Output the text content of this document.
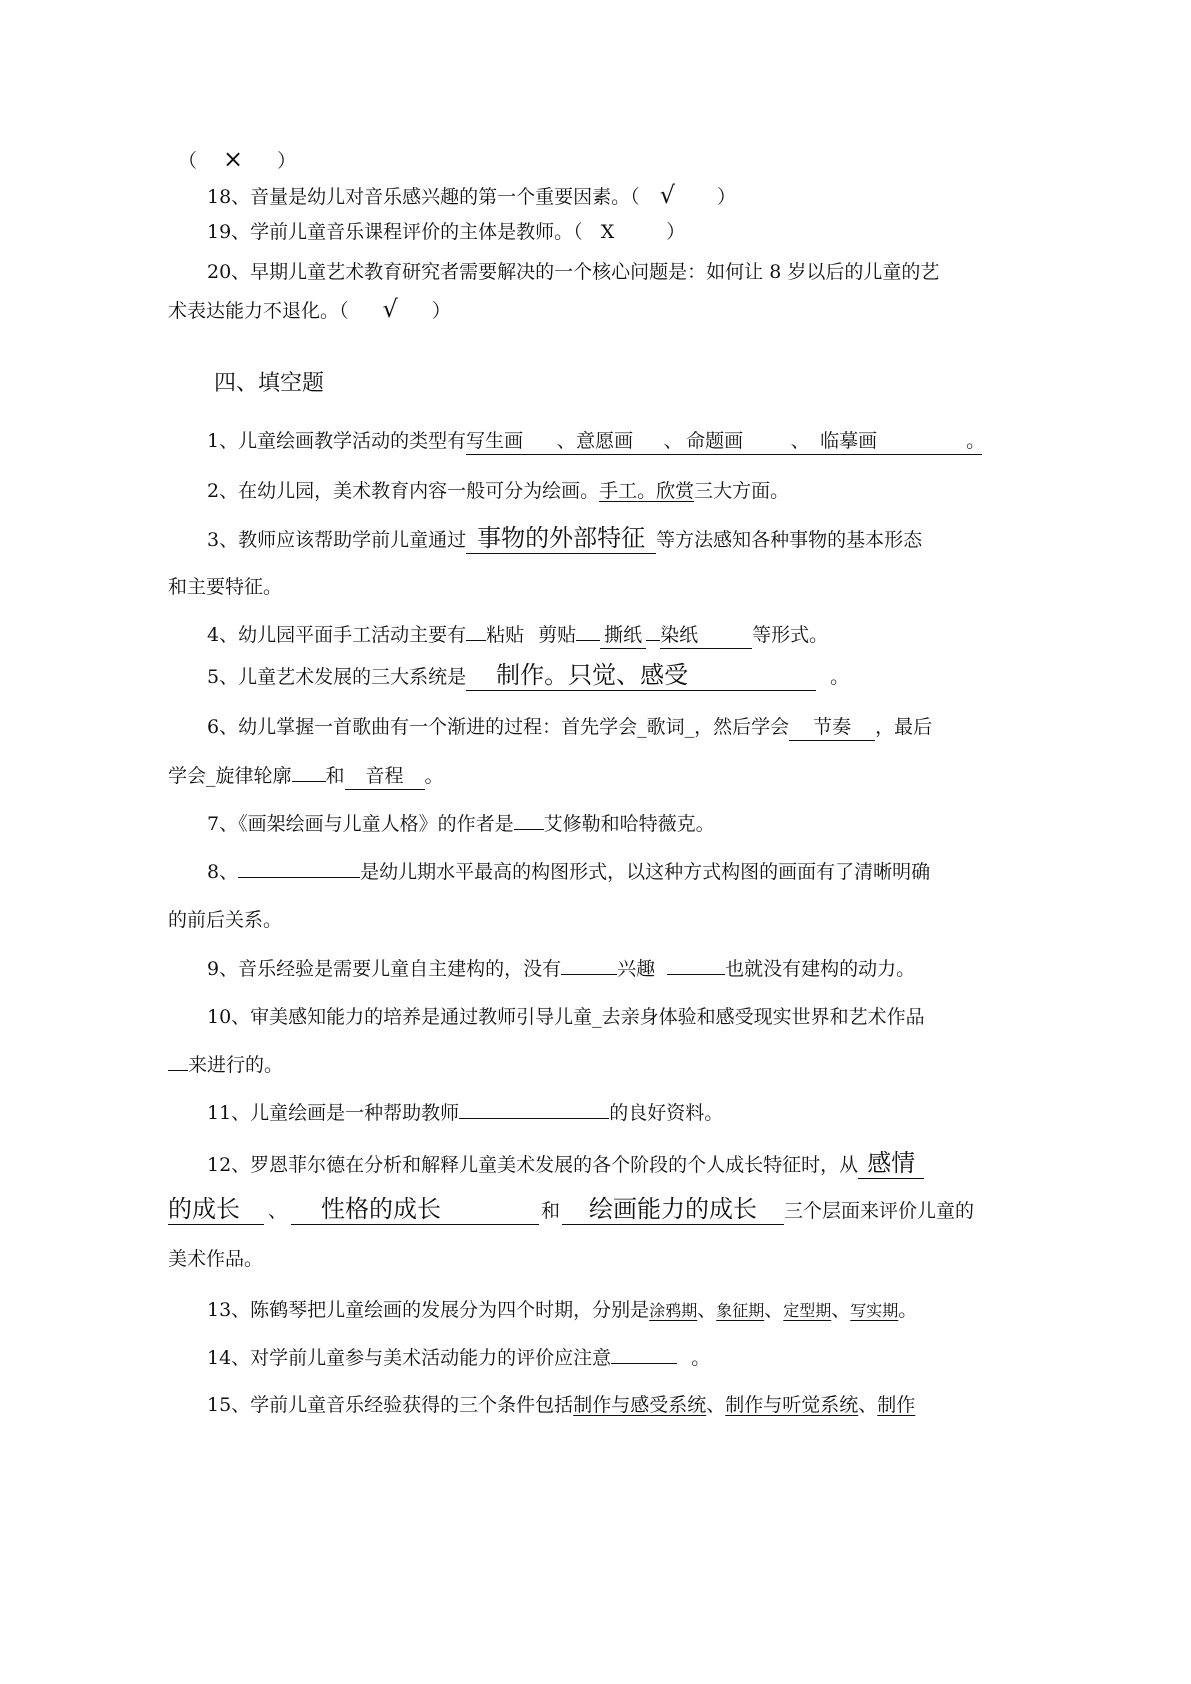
（ × ）
18、音量是幼儿对音乐感兴趣的第一个重要因素。（ √ ）
19、学前儿童音乐课程评价的主体是教师。（ X	）
20、早期儿童艺术教育研究者需要解决的一个核心问题是：如何让 8 岁以后的儿童的艺
术表达能力不退化。（ √ ）
四、填空题
1、儿童绘画教学活动的类型有写生画 、意愿画 、 命题画 、 临摹画	。
2、在幼儿园，美术教育内容一般可分为绘画。手工。欣赏三大方面。
3、教师应该帮助学前儿童通过 事物的外部特征 等方法感知各种事物的基本形态
和主要特征。
4、幼儿园平面手工活动主要有 粘贴 剪贴 撕纸 染纸	等形式。
5、儿童艺术发展的三大系统是 制作。只觉、感受	。
6、幼儿掌握一首歌曲有一个渐进的过程：首先学会_歌词_，然后学会 节奏 ，最后
学会_旋律轮廓 和 音程 。
7、《画架绘画与儿童人格》的作者是 艾修勒和哈特薇克。
8、	是幼儿期水平最高的构图形式，以这种方式构图的画面有了清晰明确
的前后关系。
9、音乐经验是需要儿童自主建构的，没有	兴趣	也就没有建构的动力。
10、审美感知能力的培养是通过教师引导儿童_去亲身体验和感受现实世界和艺术作品
来进行的。
11、儿童绘画是一种帮助教师	的良好资料。
12、罗恩菲尔德在分析和解释儿童美术发展的各个阶段的个人成长特征时，从 感情
的成长 、 性格的成长	和 绘画能力的成长 三个层面来评价儿童的
美术作品。
13、陈鹤琴把儿童绘画的发展分为四个时期，分别是涂鸦期、象征期、定型期、写实期。
14、对学前儿童参与美术活动能力的评价应注意	。
15、学前儿童音乐经验获得的三个条件包括制作与感受系统、制作与听觉系统、制作
